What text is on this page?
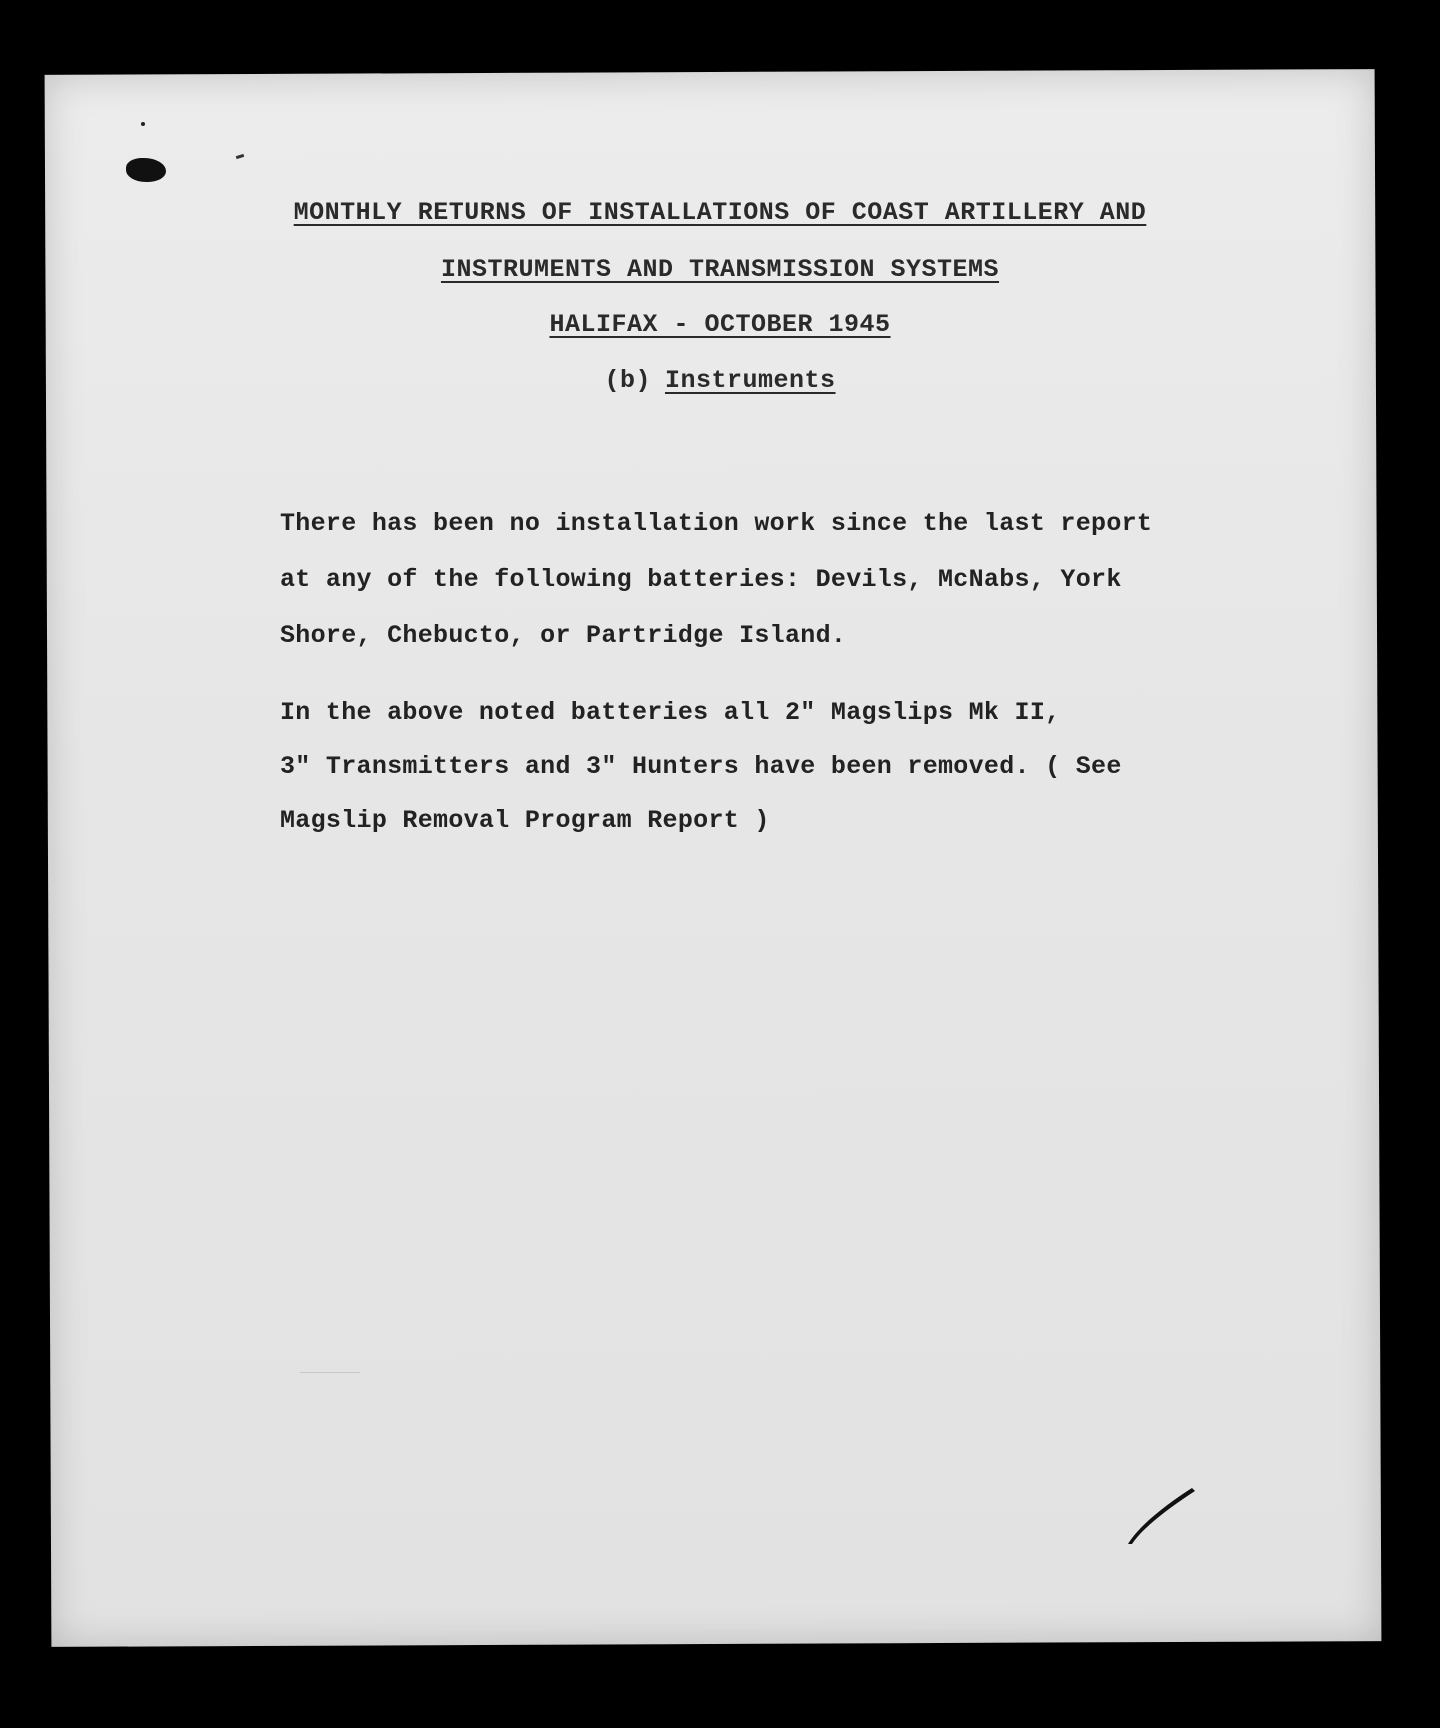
MONTHLY RETURNS OF INSTALLATIONS OF COAST ARTILLERY AND
INSTRUMENTS AND TRANSMISSION SYSTEMS
HALIFAX - OCTOBER 1945
(b) Instruments
There has been no installation work since the last report
at any of the following batteries: Devils, McNabs, York
Shore, Chebucto, or Partridge Island.
In the above noted batteries all 2" Magslips Mk II,
3" Transmitters and 3" Hunters have been removed. ( See
Magslip Removal Program Report )
